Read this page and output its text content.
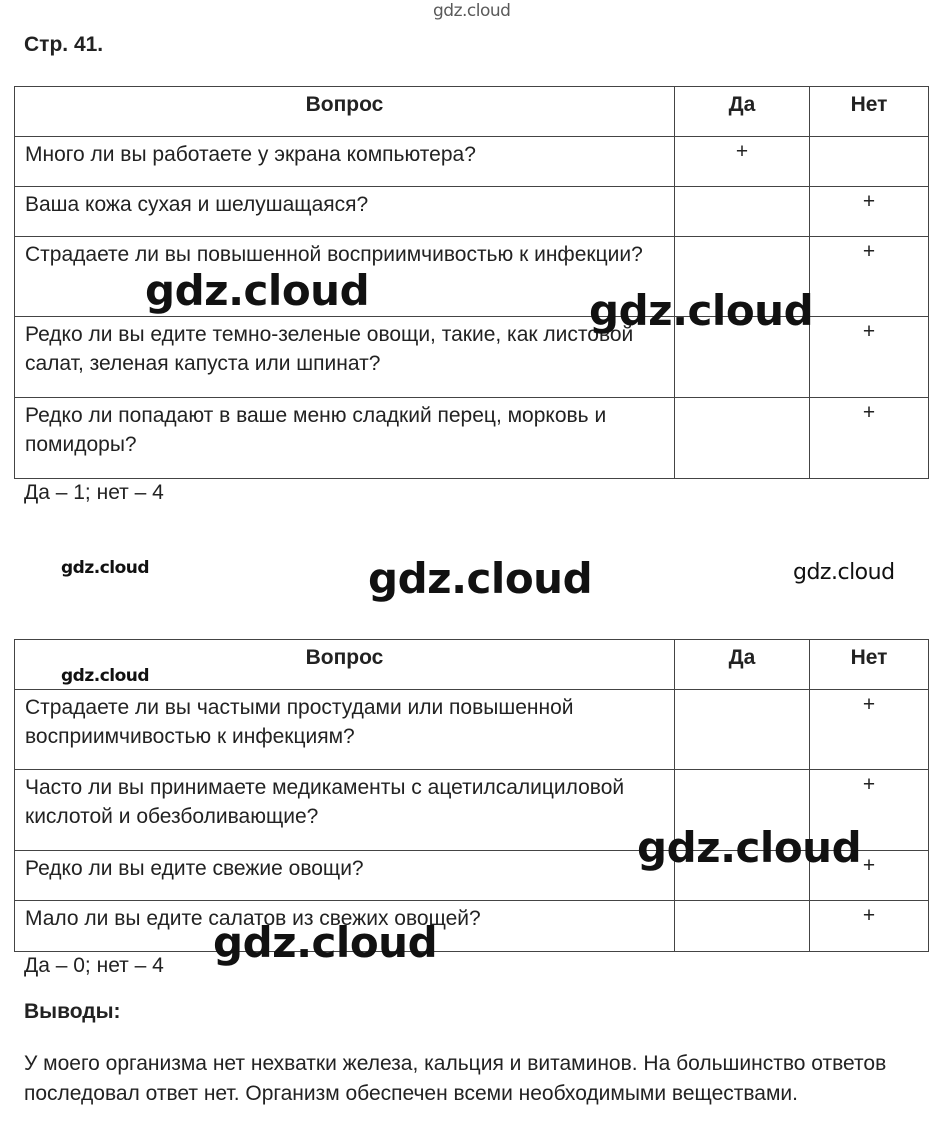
gdz.cloud
Стр. 41.
Вопрос	Да	Нет
Много ли вы работаете у экрана компьютера?	+	
Ваша кожа сухая и шелушащаяся?		+
Страдаете ли вы повышенной восприимчивостью к инфекции?		+
Редко ли вы едите темно-зеленые овощи, такие, как листовой салат, зеленая капуста или шпинат?		+
Редко ли попадают в ваше меню сладкий перец, морковь и помидоры?		+
Да – 1; нет – 4
Вопрос	Да	Нет
Страдаете ли вы частыми простудами или повышенной восприимчивостью к инфекциям?		+
Часто ли вы принимаете медикаменты с ацетилсалициловой кислотой и обезболивающие?		+
Редко ли вы едите свежие овощи?		+
Мало ли вы едите салатов из свежих овощей?		+
Да – 0; нет – 4
Выводы:
У моего организма нет нехватки железа, кальция и витаминов. На большинство ответов последовал ответ нет. Организм обеспечен всеми необходимыми веществами.
gdz.cloud	gdz.cloud
gdz.cloud	gdz.cloud	gdz.cloud
gdz.cloud
gdz.cloud
gdz.cloud
